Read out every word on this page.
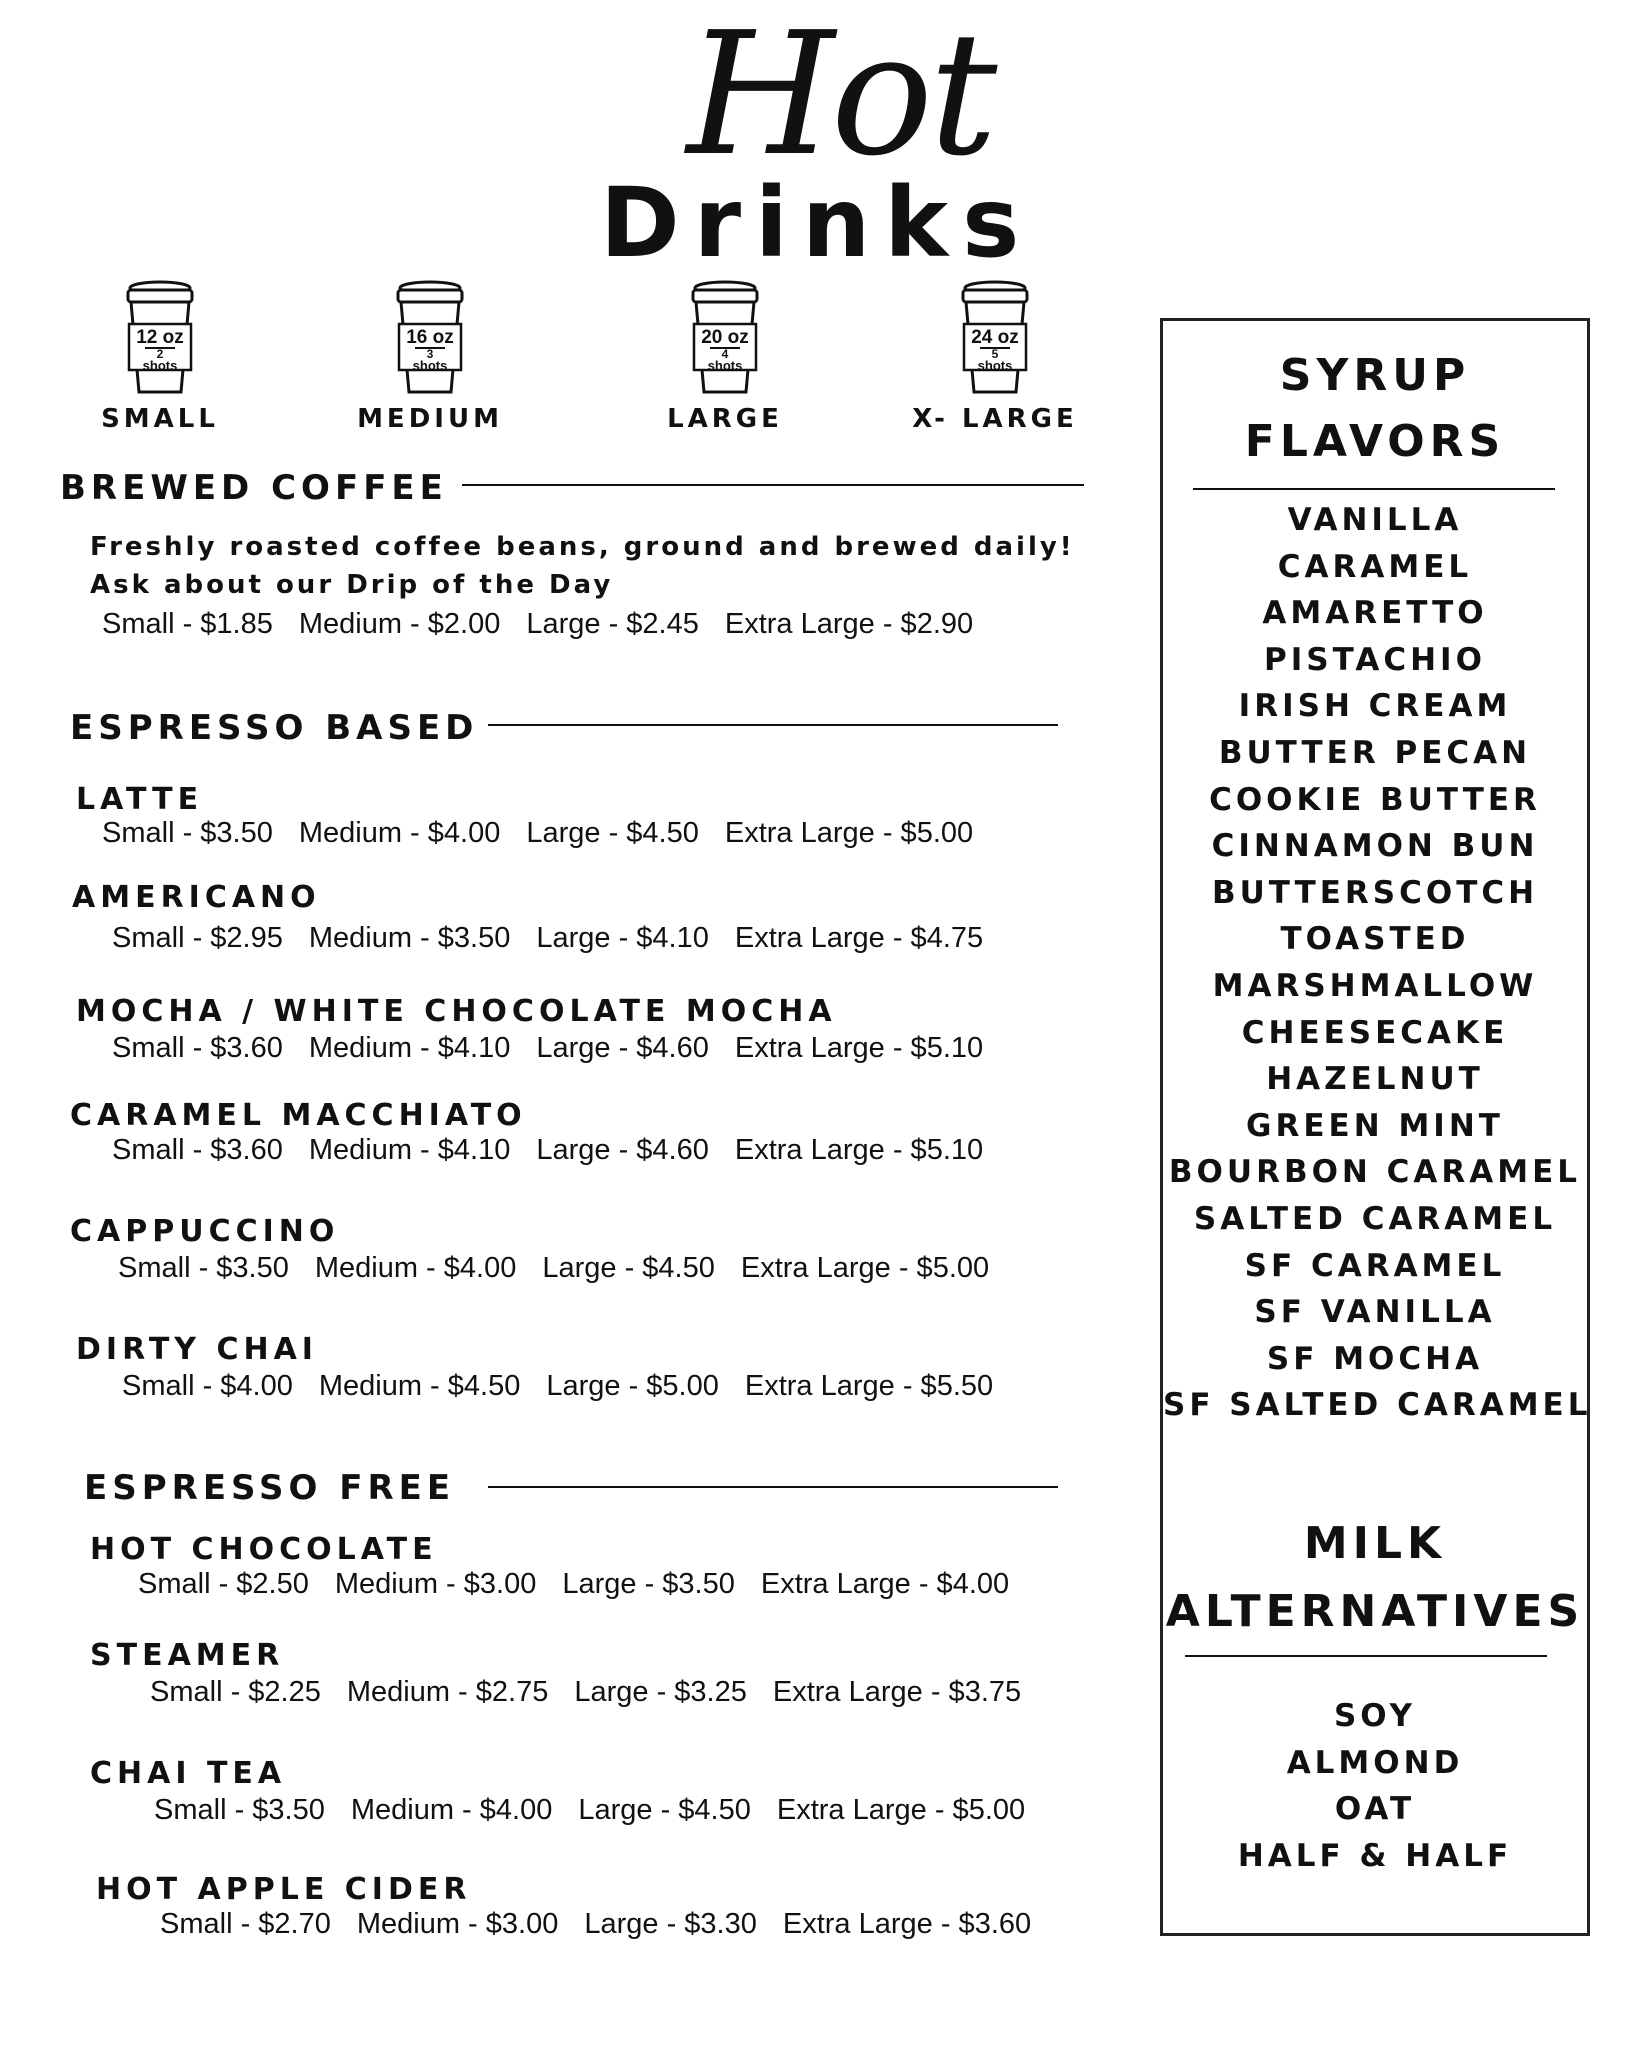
Hot
Drinks
12 oz
2
shots
SMALL
16 oz
3
shots
MEDIUM
20 oz
4
shots
LARGE
24 oz
5
shots
X- LARGE
BREWED COFFEE
Freshly roasted coffee beans, ground and brewed daily!
Ask about our Drip of the Day
Small - $1.85 Medium - $2.00 Large - $2.45 Extra Large - $2.90
ESPRESSO BASED
LATTE
Small - $3.50 Medium - $4.00 Large - $4.50 Extra Large - $5.00
AMERICANO
Small - $2.95 Medium - $3.50 Large - $4.10 Extra Large - $4.75
MOCHA / WHITE CHOCOLATE MOCHA
Small - $3.60 Medium - $4.10 Large - $4.60 Extra Large - $5.10
CARAMEL MACCHIATO
Small - $3.60 Medium - $4.10 Large - $4.60 Extra Large - $5.10
CAPPUCCINO
Small - $3.50 Medium - $4.00 Large - $4.50 Extra Large - $5.00
DIRTY CHAI
Small - $4.00 Medium - $4.50 Large - $5.00 Extra Large - $5.50
ESPRESSO FREE
HOT CHOCOLATE
Small - $2.50 Medium - $3.00 Large - $3.50 Extra Large - $4.00
STEAMER
Small - $2.25 Medium - $2.75 Large - $3.25 Extra Large - $3.75
CHAI TEA
Small - $3.50 Medium - $4.00 Large - $4.50 Extra Large - $5.00
HOT APPLE CIDER
Small - $2.70 Medium - $3.00 Large - $3.30 Extra Large - $3.60
SYRUP
FLAVORS
VANILLA
CARAMEL
AMARETTO
PISTACHIO
IRISH CREAM
BUTTER PECAN
COOKIE BUTTER
CINNAMON BUN
BUTTERSCOTCH
TOASTED
MARSHMALLOW
CHEESECAKE
HAZELNUT
GREEN MINT
BOURBON CARAMEL
SALTED CARAMEL
SF CARAMEL
SF VANILLA
SF MOCHA
SF SALTED CARAMEL
MILK
ALTERNATIVES
SOY
ALMOND
OAT
HALF & HALF
